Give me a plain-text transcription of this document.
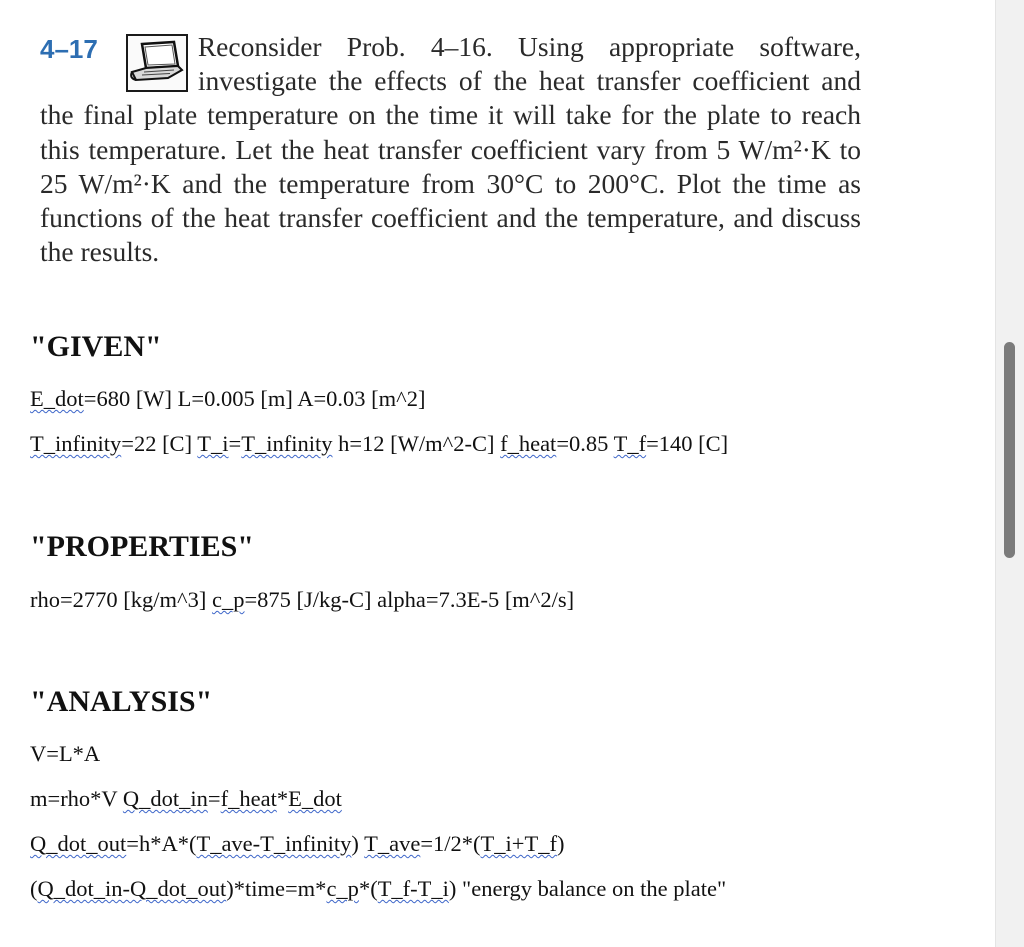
4–17	Reconsider Prob. 4–16. Using appropriate software, investigate the effects of the heat transfer coefficient and the final plate temperature on the time it will take for the plate to reach this temperature. Let the heat transfer coefficient vary from 5 W/m²·K to 25 W/m²·K and the temperature from 30°C to 200°C. Plot the time as functions of the heat transfer coefficient and the temperature, and discuss the results.
"GIVEN"
E_dot=680 [W] L=0.005 [m] A=0.03 [m^2]
T_infinity=22 [C] T_i=T_infinity h=12 [W/m^2-C] f_heat=0.85 T_f=140 [C]
"PROPERTIES"
rho=2770 [kg/m^3] c_p=875 [J/kg-C] alpha=7.3E-5 [m^2/s]
"ANALYSIS"
V=L*A
m=rho*V Q_dot_in=f_heat*E_dot
Q_dot_out=h*A*(T_ave-T_infinity) T_ave=1/2*(T_i+T_f)
(Q_dot_in-Q_dot_out)*time=m*c_p*(T_f-T_i) "energy balance on the plate"
